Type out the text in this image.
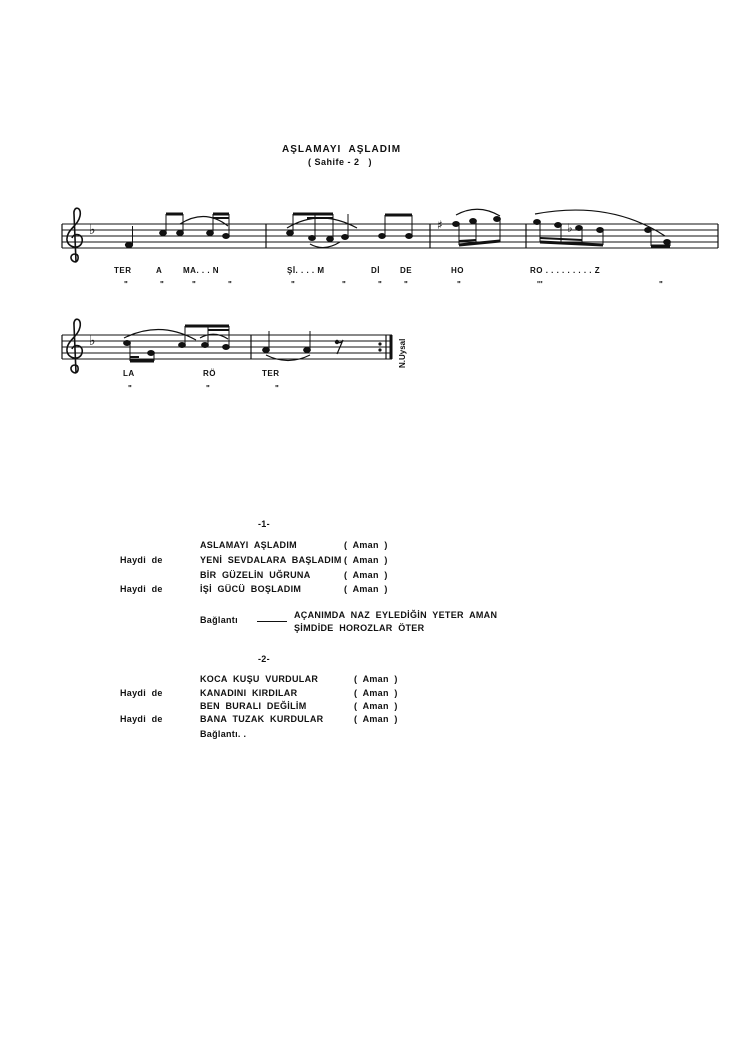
AŞLAMAYI  AŞLADIM
( Sahife - 2   )
♭	♯	♭
♭
TER	A	MA. . . N	Şİ. . . . M	Dİ	DE	HO	RO . . . . . . . . . Z
"	"	"	"	"	"	"	"	"	'''	"
LA	RÖ	TER
"	"	"
N.Uysal
-1-
ASLAMAYI  AŞLADIM	(  Aman  )
Haydi  de	YENİ  SEVDALARA  BAŞLADIM (  Aman  )
BİR  GÜZELİN  UĞRUNA	(  Aman  )
Haydi  de	İŞİ  GÜCÜ  BOŞLADIM	(  Aman  )
Bağlantı	AÇANIMDA  NAZ  EYLEDİĞİN  YETER  AMAN
ŞİMDİDE  HOROZLAR  ÖTER
-2-
KOCA  KUŞU  VURDULAR	(  Aman  )
Haydi  de	KANADINI  KIRDILAR	(  Aman  )
BEN  BURALI  DEĞİLİM	(  Aman  )
Haydi  de	BANA  TUZAK  KURDULAR	(  Aman  )
Bağlantı. .
